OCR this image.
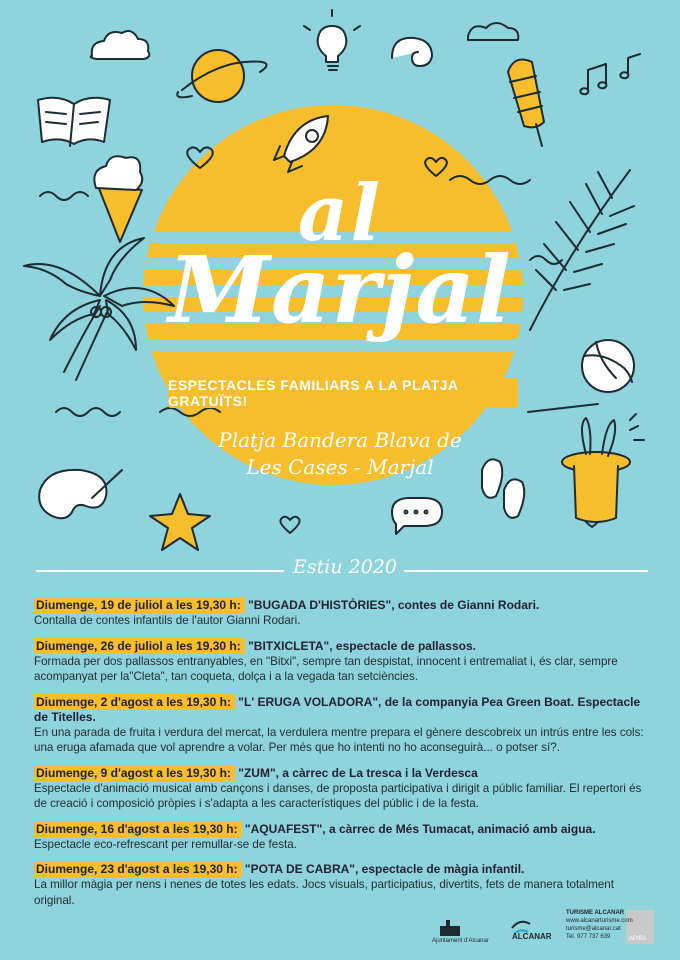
al
Marjal
ESPECTACLES FAMILIARS A LA PLATJA GRATUÏTS!
Platja Bandera Blava de
Les Cases - Marjal
Estiu 2020
Diumenge, 19 de juliol a les 19,30 h: "BUGADA D'HISTÒRIES", contes de Gianni Rodari.
Contalla de contes infantils de l'autor Gianni Rodari.
Diumenge, 26 de juliol a les 19,30 h: "BITXICLETA", espectacle de pallassos.
Formada per dos pallassos entranyables, en "Bitxi", sempre tan despistat, innocent i entremaliat i, és clar, sempre acompanyat per la"Cleta", tan coqueta, dolça i a la vegada tan setciències.
Diumenge, 2 d'agost a les 19,30 h: "L' ERUGA VOLADORA", de la companyia Pea Green Boat. Espectacle de Titelles.
En una parada de fruita i verdura del mercat, la verdulera mentre prepara el gènere descobreix un intrús entre les cols: una eruga afamada que vol aprendre a volar. Per més que ho intenti no ho aconseguirà... o potser sí?.
Diumenge, 9 d'agost a les 19,30 h: "ZUM", a càrrec de La tresca i la Verdesca
Espectacle d'animació musical amb cançons i danses, de proposta participativa i dirigit a públic familiar. El repertori és de creació i composició pròpies i s'adapta a les característiques del públic i de la festa.
Diumenge, 16 d'agost a les 19,30 h: "AQUAFEST", a càrrec de Més Tumacat, animació amb aigua.
Espectacle eco-refrescant per remullar-se de festa.
Diumenge, 23 d'agost a les 19,30 h: "POTA DE CABRA", espectacle de màgia infantil.
La millor màgia per nens i nenes de totes les edats. Jocs visuals, participatius, divertits, fets de manera totalment original.
Ajuntament d'Alcanar	ALCANAR
TURISME ALCANAR
www.alcanarturisme.com
turisme@alcanar.cat
Tel. 977 737 639	APIBA
